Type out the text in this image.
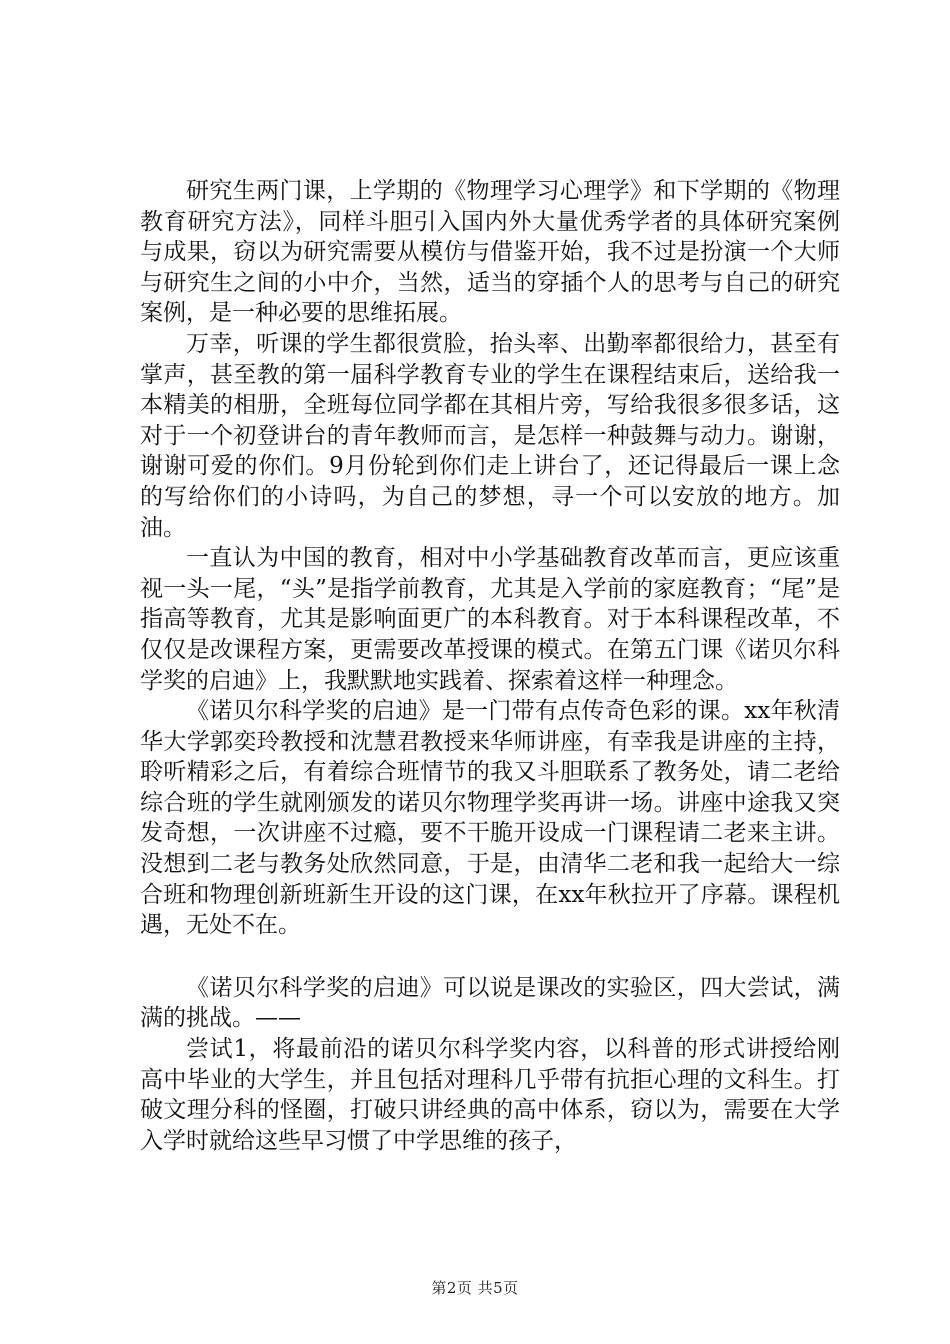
研究生两门课，上学期的《物理学习心理学》和下学期的《物理教育研究方法》，同样斗胆引入国内外大量优秀学者的具体研究案例与成果，窃以为研究需要从模仿与借鉴开始，我不过是扮演一个大师与研究生之间的小中介，当然，适当的穿插个人的思考与自己的研究案例，是一种必要的思维拓展。

万幸，听课的学生都很赏脸，抬头率、出勤率都很给力，甚至有掌声，甚至教的第一届科学教育专业的学生在课程结束后，送给我一本精美的相册，全班每位同学都在其相片旁，写给我很多很多话，这对于一个初登讲台的青年教师而言，是怎样一种鼓舞与动力。谢谢，谢谢可爱的你们。9月份轮到你们走上讲台了，还记得最后一课上念的写给你们的小诗吗，为自己的梦想，寻一个可以安放的地方。加油。

一直认为中国的教育，相对中小学基础教育改革而言，更应该重视一头一尾，“头”是指学前教育，尤其是入学前的家庭教育；“尾”是指高等教育，尤其是影响面更广的本科教育。对于本科课程改革，不仅仅是改课程方案，更需要改革授课的模式。在第五门课《诺贝尔科学奖的启迪》上，我默默地实践着、探索着这样一种理念。

《诺贝尔科学奖的启迪》是一门带有点传奇色彩的课。xx年秋清华大学郭奕玲教授和沈慧君教授来华师讲座，有幸我是讲座的主持，聆听精彩之后，有着综合班情节的我又斗胆联系了教务处，请二老给综合班的学生就刚颁发的诺贝尔物理学奖再讲一场。讲座中途我又突发奇想，一次讲座不过瘾，要不干脆开设成一门课程请二老来主讲。没想到二老与教务处欣然同意，于是，由清华二老和我一起给大一综合班和物理创新班新生开设的这门课，在xx年秋拉开了序幕。课程机遇，无处不在。

《诺贝尔科学奖的启迪》可以说是课改的实验区，四大尝试，满满的挑战。——

尝试1，将最前沿的诺贝尔科学奖内容，以科普的形式讲授给刚高中毕业的大学生，并且包括对理科几乎带有抗拒心理的文科生。打破文理分科的怪圈，打破只讲经典的高中体系，窃以为，需要在大学入学时就给这些早习惯了中学思维的孩子，

第2页 共5页
